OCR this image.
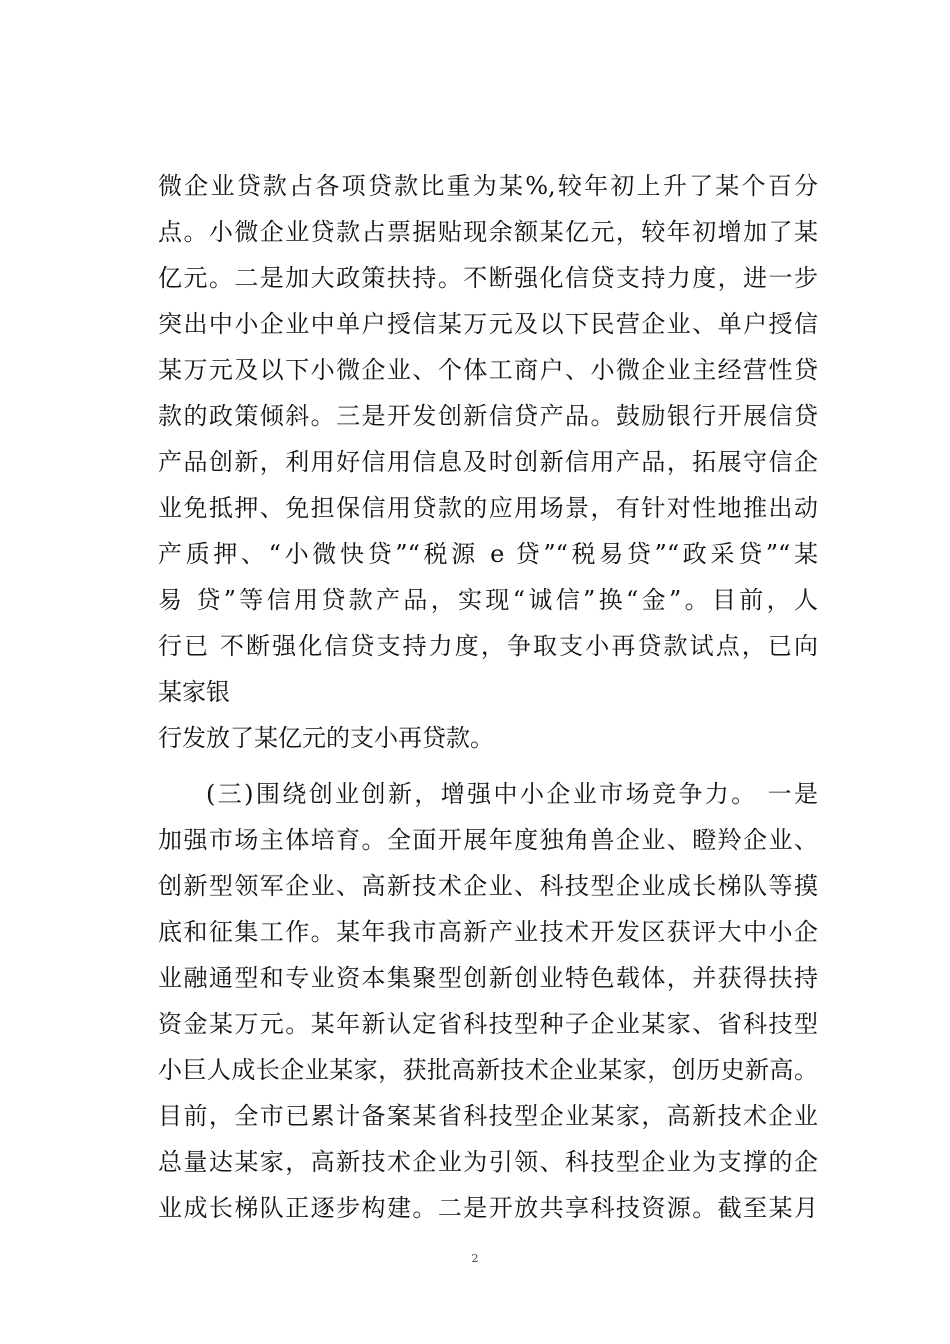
微企业贷款占各项贷款比重为某%,较年初上升了某个百分
点。小微企业贷款占票据贴现余额某亿元，较年初增加了某
亿元。二是加大政策扶持。不断强化信贷支持力度，进一步
突出中小企业中单户授信某万元及以下民营企业、单户授信
某万元及以下小微企业、个体工商户、小微企业主经营性贷
款的政策倾斜。三是开发创新信贷产品。鼓励银行开展信贷
产品创新，利用好信用信息及时创新信用产品，拓展守信企
业免抵押、免担保信用贷款的应用场景，有针对性地推出动
产质押、“小微快贷”“税源 e 贷”“税易贷”“政采贷”“某
易 贷”等信用贷款产品，实现“诚信”换“金”。目前，人
行已 不断强化信贷支持力度，争取支小再贷款试点，已向
某家银
行发放了某亿元的支小再贷款。
(三)围绕创业创新，增强中小企业市场竞争力。 一是
加强市场主体培育。全面开展年度独角兽企业、瞪羚企业、
创新型领军企业、高新技术企业、科技型企业成长梯队等摸
底和征集工作。某年我市高新产业技术开发区获评大中小企
业融通型和专业资本集聚型创新创业特色载体，并获得扶持
资金某万元。某年新认定省科技型种子企业某家、省科技型
小巨人成长企业某家，获批高新技术企业某家，创历史新高。
目前，全市已累计备案某省科技型企业某家，高新技术企业
总量达某家，高新技术企业为引领、科技型企业为支撑的企
业成长梯队正逐步构建。二是开放共享科技资源。截至某月
2
